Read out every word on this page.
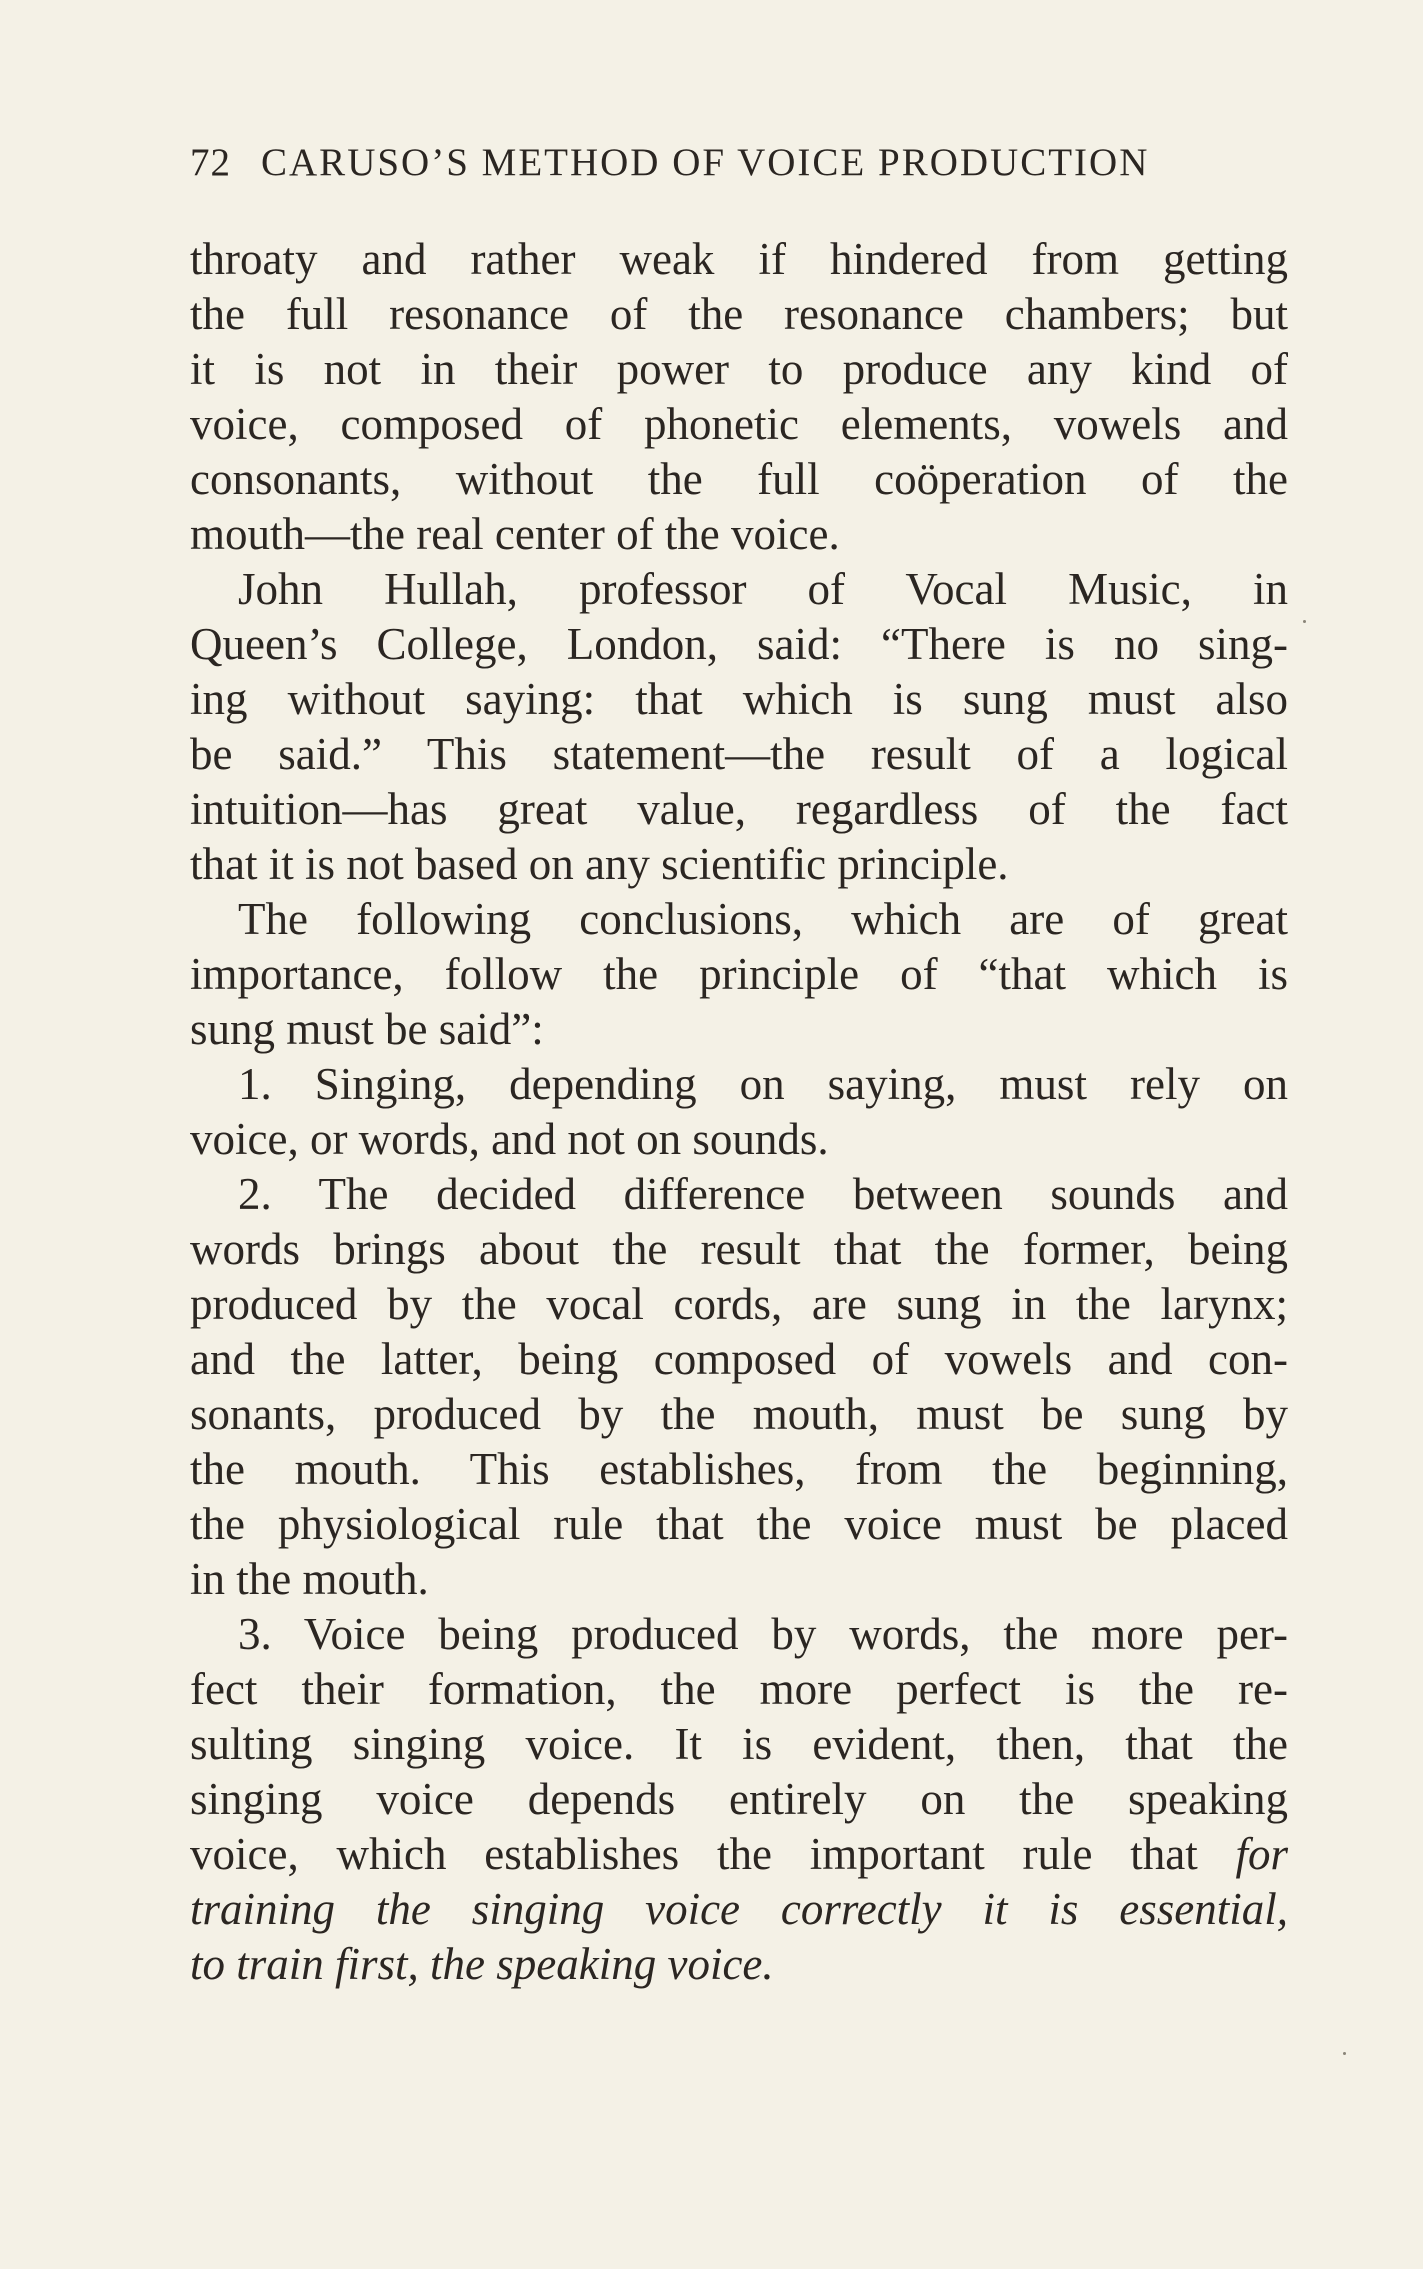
72 CARUSO’S METHOD OF VOICE PRODUCTION
throaty and rather weak if hindered from getting
the full resonance of the resonance chambers; but
it is not in their power to produce any kind of
voice, composed of phonetic elements, vowels and
consonants, without the full coöperation of the
mouth—the real center of the voice.
John Hullah, professor of Vocal Music, in
Queen’s College, London, said: “There is no sing-
ing without saying: that which is sung must also
be said.” This statement—the result of a logical
intuition—has great value, regardless of the fact
that it is not based on any scientific principle.
The following conclusions, which are of great
importance, follow the principle of “that which is
sung must be said”:
1. Singing, depending on saying, must rely on
voice, or words, and not on sounds.
2. The decided difference between sounds and
words brings about the result that the former, being
produced by the vocal cords, are sung in the larynx;
and the latter, being composed of vowels and con-
sonants, produced by the mouth, must be sung by
the mouth. This establishes, from the beginning,
the physiological rule that the voice must be placed
in the mouth.
3. Voice being produced by words, the more per-
fect their formation, the more perfect is the re-
sulting singing voice. It is evident, then, that the
singing voice depends entirely on the speaking
voice, which establishes the important rule that for
training the singing voice correctly it is essential,
to train first, the speaking voice.
